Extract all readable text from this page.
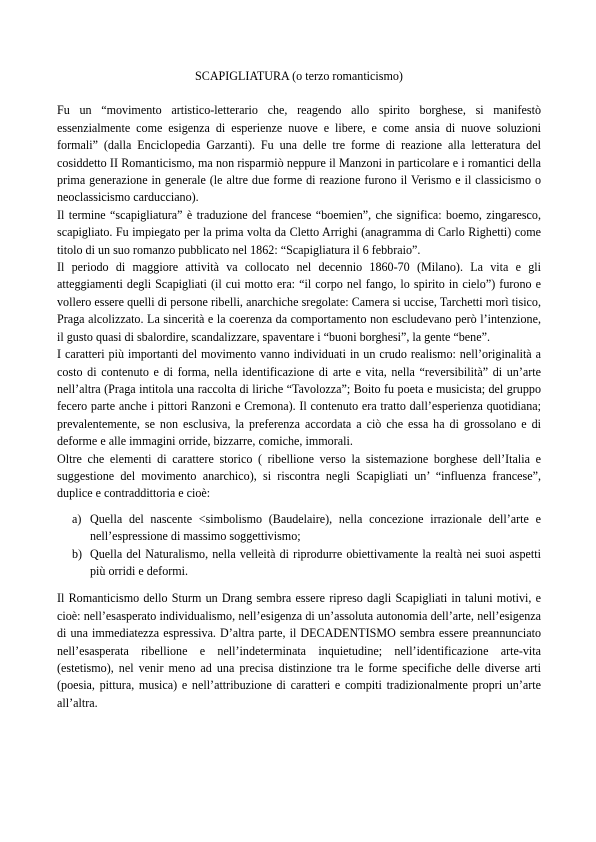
SCAPIGLIATURA (o terzo romanticismo)

Fu un “movimento artistico-letterario che, reagendo allo spirito borghese, si manifestò essenzialmente come esigenza di esperienze nuove e libere, e come ansia di nuove soluzioni formali” (dalla Enciclopedia Garzanti). Fu una delle tre forme di reazione alla letteratura del cosiddetto II Romanticismo, ma non risparmiò neppure il Manzoni in particolare e i romantici della prima generazione in generale (le altre due forme di reazione furono il Verismo e il classicismo o neoclassicismo carducciano).

Il termine “scapigliatura” è traduzione del francese “boemien”, che significa: boemo, zingaresco, scapigliato. Fu impiegato per la prima volta da Cletto Arrighi (anagramma di Carlo Righetti) come titolo di un suo romanzo pubblicato nel 1862: “Scapigliatura il 6 febbraio”.

Il periodo di maggiore attività va collocato nel decennio 1860-70 (Milano). La vita e gli atteggiamenti degli Scapigliati (il cui motto era: “il corpo nel fango, lo spirito in cielo”) furono e vollero essere quelli di persone ribelli, anarchiche sregolate: Camera si uccise, Tarchetti morì tisico, Praga alcolizzato. La sincerità e la coerenza da comportamento non escludevano però l’intenzione, il gusto quasi di sbalordire, scandalizzare, spaventare i “buoni borghesi”, la gente “bene”.

I caratteri più importanti del movimento vanno individuati in un crudo realismo: nell’originalità a costo di contenuto e di forma, nella identificazione di arte e vita, nella “reversibilità” di un’arte nell’altra (Praga intitola una raccolta di liriche “Tavolozza”; Boito fu poeta e musicista; del gruppo fecero parte anche i pittori Ranzoni e Cremona). Il contenuto era tratto dall’esperienza quotidiana; prevalentemente, se non esclusiva, la preferenza accordata a ciò che essa ha di grossolano e di deforme e alle immagini orride, bizzarre, comiche, immorali.

Oltre che elementi di carattere storico ( ribellione verso la sistemazione borghese dell’Italia e suggestione del movimento anarchico), si riscontra negli Scapigliati un’ “influenza francese”, duplice e contraddittoria e cioè:

a) Quella del nascente <simbolismo (Baudelaire), nella concezione irrazionale dell’arte e nell’espressione di massimo soggettivismo;
b) Quella del Naturalismo, nella velleità di riprodurre obiettivamente la realtà nei suoi aspetti più orridi e deformi.

Il Romanticismo dello Sturm un Drang sembra essere ripreso dagli Scapigliati in taluni motivi, e cioè: nell’esasperato individualismo, nell’esigenza di un’assoluta autonomia dell’arte, nell’esigenza di una immediatezza espressiva. D’altra parte, il DECADENTISMO sembra essere preannunciato nell’esasperata ribellione e nell’indeterminata inquietudine; nell’identificazione arte-vita (estetismo), nel venir meno ad una precisa distinzione tra le forme specifiche delle diverse arti (poesia, pittura, musica) e nell’attribuzione di caratteri e compiti tradizionalmente propri un’arte all’altra.
